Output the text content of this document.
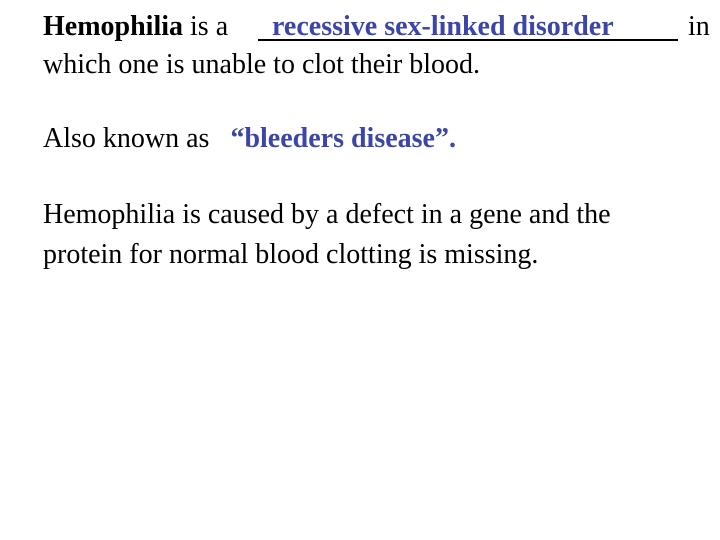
Hemophilia is a recessive sex-linked disorder	in
which one is unable to clot their blood.
Also known as “bleeders disease”.
Hemophilia is caused by a defect in a gene and the
protein for normal blood clotting is missing.
